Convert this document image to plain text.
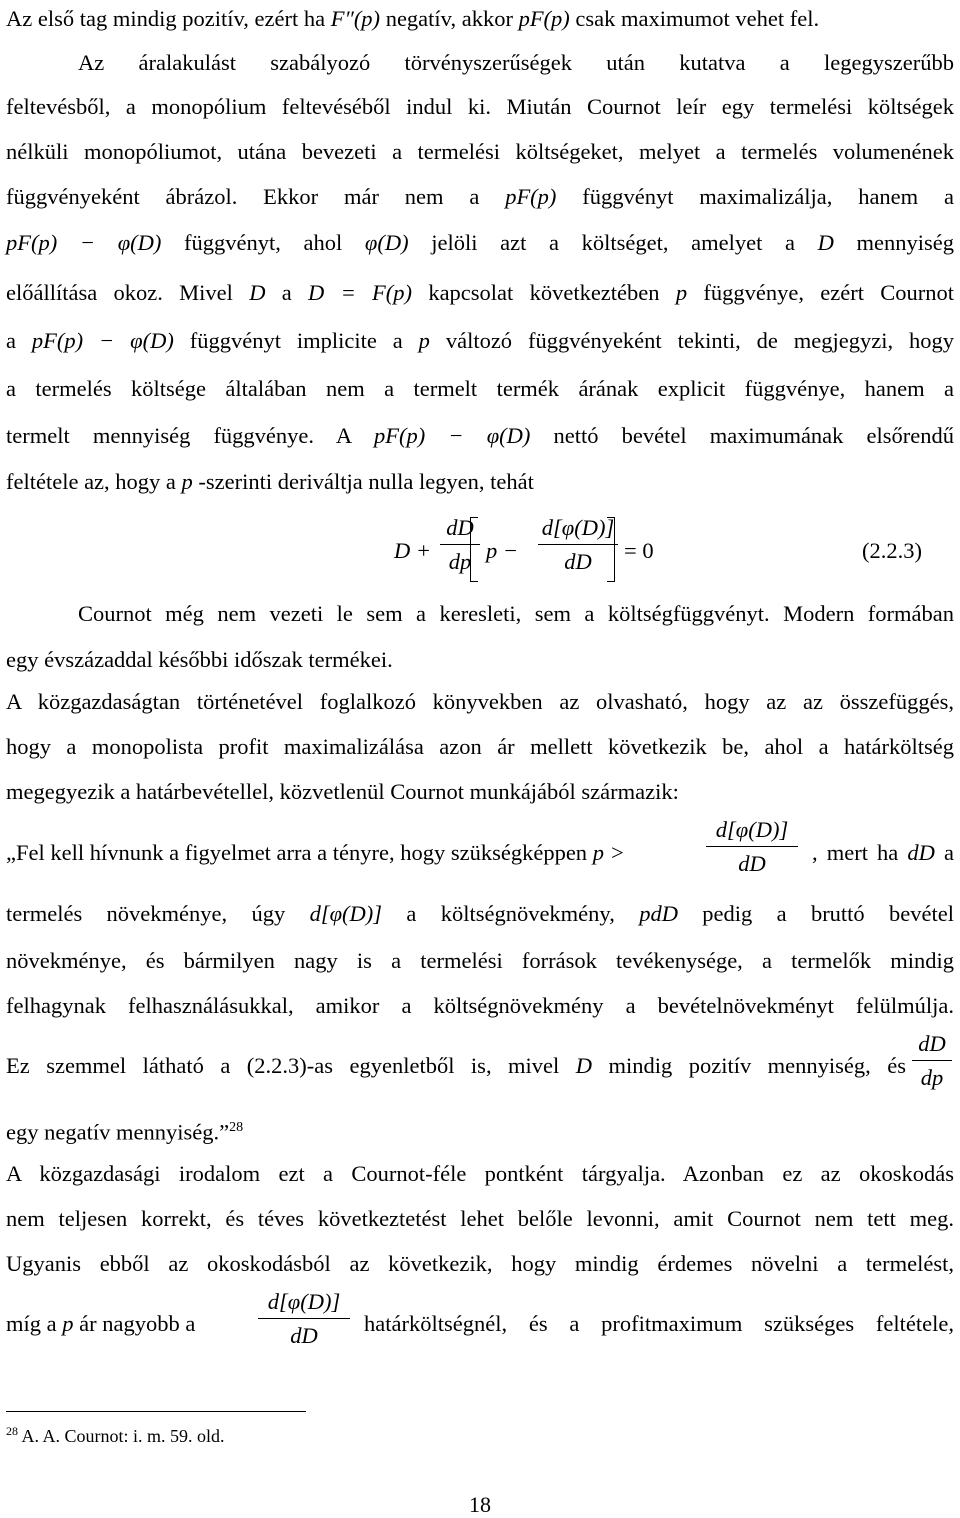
Az első tag mindig pozitív, ezért ha F″(p) negatív, akkor pF(p) csak maximumot vehet fel.
Az áralakulást szabályozó törvényszerűségek után kutatva a legegyszerűbb
feltevésből, a monopólium feltevéséből indul ki. Miután Cournot leír egy termelési költségek
nélküli monopóliumot, utána bevezeti a termelési költségeket, melyet a termelés volumenének
függvényeként ábrázol. Ekkor már nem a pF(p) függvényt maximalizálja, hanem a
pF(p) − φ(D) függvényt, ahol φ(D) jelöli azt a költséget, amelyet a D mennyiség
előállítása okoz. Mivel D a D = F(p) kapcsolat következtében p függvénye, ezért Cournot
a pF(p) − φ(D) függvényt implicite a p változó függvényeként tekinti, de megjegyzi, hogy
a termelés költsége általában nem a termelt termék árának explicit függvénye, hanem a
termelt mennyiség függvénye. A pF(p) − φ(D) nettó bevétel maximumának elsőrendű
feltétele az, hogy a p -szerinti deriváltja nulla legyen, tehát
D +
dD
dp p −
d[φ(D)]
dD	= 0	(2.2.3)
Cournot még nem vezeti le sem a keresleti, sem a költségfüggvényt. Modern formában
egy évszázaddal későbbi időszak termékei.
A közgazdaságtan történetével foglalkozó könyvekben az olvasható, hogy az az összefüggés,
hogy a monopolista profit maximalizálása azon ár mellett következik be, ahol a határköltség
megegyezik a határbevétellel, közvetlenül Cournot munkájából származik:
„Fel kell hívnunk a figyelmet arra a tényre, hogy szükségképpen p >
d[φ(D)]
dD	, mert ha dD a
termelés növekménye, úgy d[φ(D)] a költségnövekmény, pdD pedig a bruttó bevétel
növekménye, és bármilyen nagy is a termelési források tevékenysége, a termelők mindig
felhagynak felhasználásukkal, amikor a költségnövekmény a bevételnövekményt felülmúlja.
Ez szemmel látható a (2.2.3)-as egyenletből is, mivel D mindig pozitív mennyiség, és
dD
dp
egy negatív mennyiség.”$^{28}$
A közgazdasági irodalom ezt a Cournot-féle pontként tárgyalja. Azonban ez az okoskodás
nem teljesen korrekt, és téves következtetést lehet belőle levonni, amit Cournot nem tett meg.
Ugyanis ebből az okoskodásból az következik, hogy mindig érdemes növelni a termelést,
míg a p ár nagyobb a
d[φ(D)]
dD	határköltségnél, és a profitmaximum szükséges feltétele,
$^{28}$ A. A. Cournot: i. m. 59. old.
18
